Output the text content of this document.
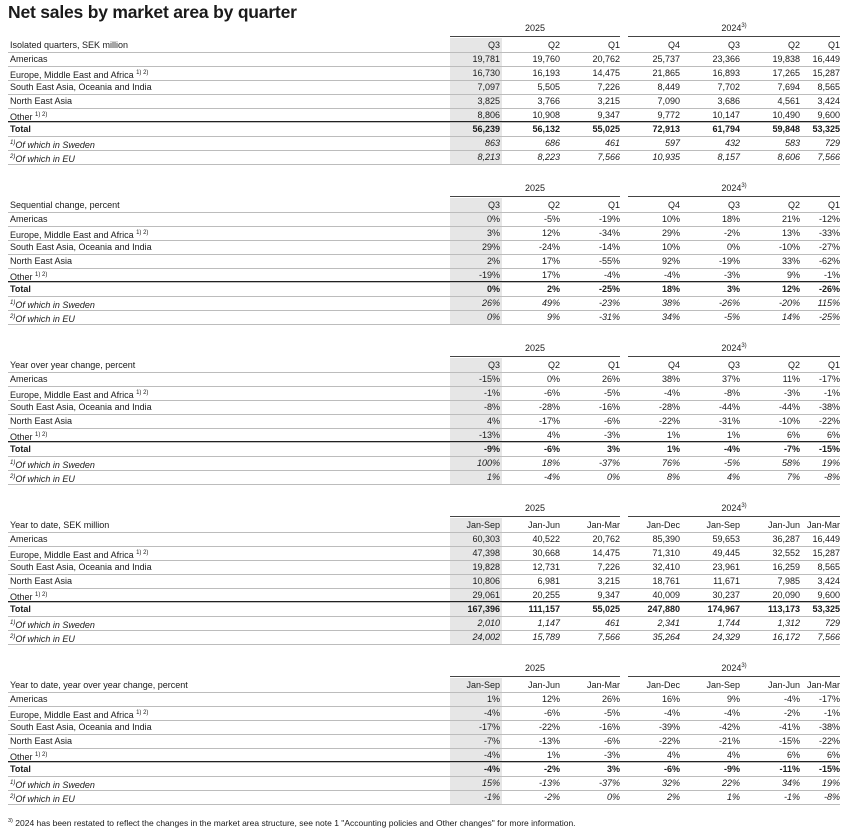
Net sales by market area by quarter
2025	2024$^{3)}$
Isolated quarters, SEK million	Q3	Q2	Q1	Q4	Q3	Q2	Q1
Americas	19,781	19,760	20,762	25,737	23,366	19,838	16,449
Europe, Middle East and Africa $^{1) 2)}$	16,730	16,193	14,475	21,865	16,893	17,265	15,287
South East Asia, Oceania and India	7,097	5,505	7,226	8,449	7,702	7,694	8,565
North East Asia	3,825	3,766	3,215	7,090	3,686	4,561	3,424
Other $^{1) 2)}$	8,806	10,908	9,347	9,772	10,147	10,490	9,600
Total	56,239	56,132	55,025	72,913	61,794	59,848	53,325
$^{1)}$Of which in Sweden	863	686	461	597	432	583	729
$^{2)}$Of which in EU	8,213	8,223	7,566	10,935	8,157	8,606	7,566
2025	2024$^{3)}$
Sequential change, percent	Q3	Q2	Q1	Q4	Q3	Q2	Q1
Americas	0%	-5%	-19%	10%	18%	21%	-12%
Europe, Middle East and Africa $^{1) 2)}$	3%	12%	-34%	29%	-2%	13%	-33%
South East Asia, Oceania and India	29%	-24%	-14%	10%	0%	-10%	-27%
North East Asia	2%	17%	-55%	92%	-19%	33%	-62%
Other $^{1) 2)}$	-19%	17%	-4%	-4%	-3%	9%	-1%
Total	0%	2%	-25%	18%	3%	12%	-26%
$^{1)}$Of which in Sweden	26%	49%	-23%	38%	-26%	-20%	115%
$^{2)}$Of which in EU	0%	9%	-31%	34%	-5%	14%	-25%
2025	2024$^{3)}$
Year over year change, percent	Q3	Q2	Q1	Q4	Q3	Q2	Q1
Americas	-15%	0%	26%	38%	37%	11%	-17%
Europe, Middle East and Africa $^{1) 2)}$	-1%	-6%	-5%	-4%	-8%	-3%	-1%
South East Asia, Oceania and India	-8%	-28%	-16%	-28%	-44%	-44%	-38%
North East Asia	4%	-17%	-6%	-22%	-31%	-10%	-22%
Other $^{1) 2)}$	-13%	4%	-3%	1%	1%	6%	6%
Total	-9%	-6%	3%	1%	-4%	-7%	-15%
$^{1)}$Of which in Sweden	100%	18%	-37%	76%	-5%	58%	19%
$^{2)}$Of which in EU	1%	-4%	0%	8%	4%	7%	-8%
2025	2024$^{3)}$
Year to date, SEK million	Jan-Sep	Jan-Jun	Jan-Mar	Jan-Dec	Jan-Sep	Jan-Jun Jan-Mar
Americas	60,303	40,522	20,762	85,390	59,653	36,287	16,449
Europe, Middle East and Africa $^{1) 2)}$	47,398	30,668	14,475	71,310	49,445	32,552	15,287
South East Asia, Oceania and India	19,828	12,731	7,226	32,410	23,961	16,259	8,565
North East Asia	10,806	6,981	3,215	18,761	11,671	7,985	3,424
Other $^{1) 2)}$	29,061	20,255	9,347	40,009	30,237	20,090	9,600
Total	167,396	111,157	55,025	247,880	174,967	113,173	53,325
$^{1)}$Of which in Sweden	2,010	1,147	461	2,341	1,744	1,312	729
$^{2)}$Of which in EU	24,002	15,789	7,566	35,264	24,329	16,172	7,566
2025	2024$^{3)}$
Year to date, year over year change, percent	Jan-Sep	Jan-Jun	Jan-Mar	Jan-Dec	Jan-Sep	Jan-Jun Jan-Mar
Americas	1%	12%	26%	16%	9%	-4%	-17%
Europe, Middle East and Africa $^{1) 2)}$	-4%	-6%	-5%	-4%	-4%	-2%	-1%
South East Asia, Oceania and India	-17%	-22%	-16%	-39%	-42%	-41%	-38%
North East Asia	-7%	-13%	-6%	-22%	-21%	-15%	-22%
Other $^{1) 2)}$	-4%	1%	-3%	4%	4%	6%	6%
Total	-4%	-2%	3%	-6%	-9%	-11%	-15%
$^{1)}$Of which in Sweden	15%	-13%	-37%	32%	22%	34%	19%
$^{2)}$Of which in EU	-1%	-2%	0%	2%	1%	-1%	-8%
$^{3)}$ 2024 has been restated to reflect the changes in the market area structure, see note 1 "Accounting policies and Other changes" for more information.
